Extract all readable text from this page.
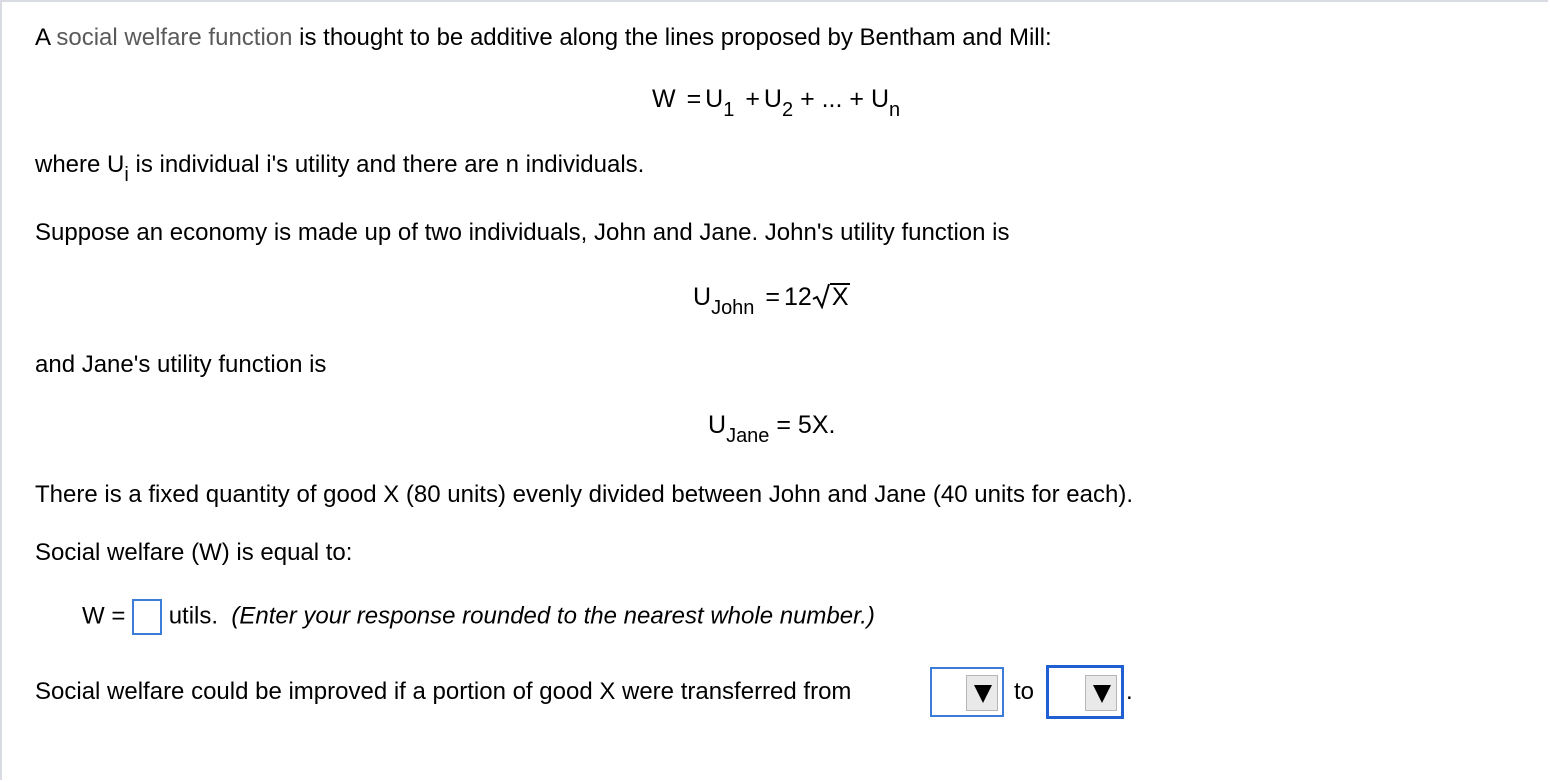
A social welfare function is thought to be additive along the lines proposed by Bentham and Mill:
$W = U_1 + U_2$ + ... + $U_n$
where $U_i$ is individual i's utility and there are n individuals.
Suppose an economy is made up of two individuals, John and Jane. John's utility function is
$U_{John} = 12$ X
and Jane's utility function is
$U_{Jane} = 5X$.
There is a fixed quantity of good X (80 units) evenly divided between John and Jane (40 units for each).
Social welfare (W) is equal to:
W = utils. (Enter your response rounded to the nearest whole number.)
Social welfare could be improved if a portion of good X were transferred from	to	.
